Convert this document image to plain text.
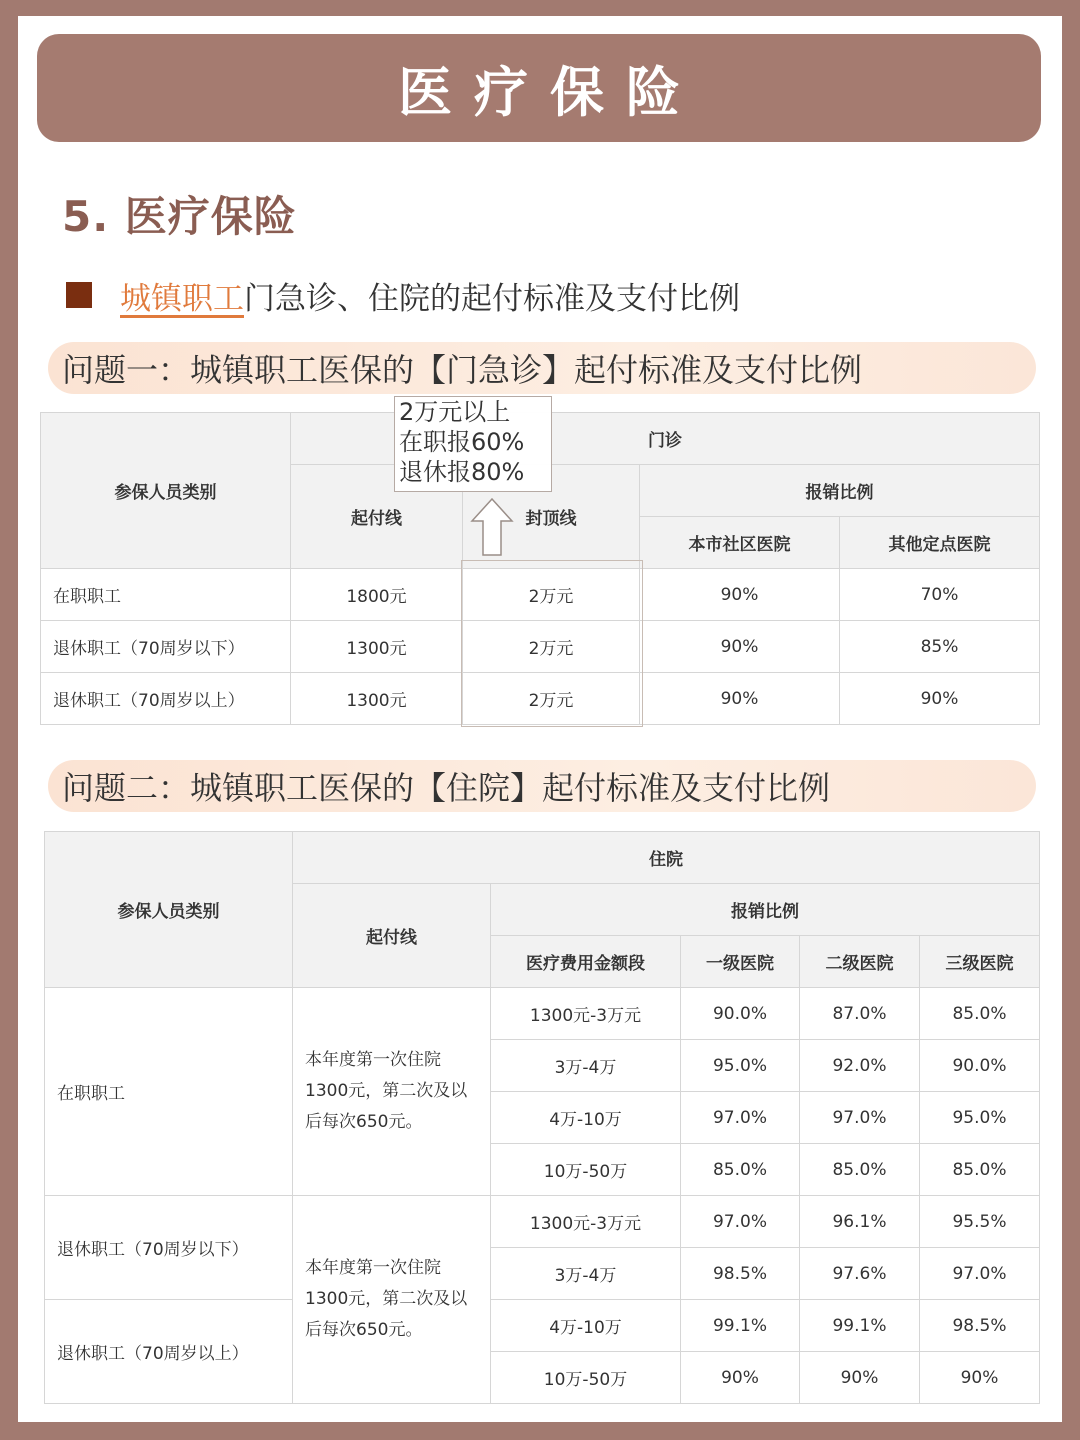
医疗保险
5. 医疗保险
城镇职工 门急诊、住院的起付标准及支付比例
问题一：城镇职工医保的【门急诊】起付标准及支付比例
参保人员类别	门诊			
	起付线	封顶线	报销比例	
			本市社区医院	其他定点医院
在职职工	1800元	2万元	90%	70%
退休职工（70周岁以下）	1300元	2万元	90%	85%
退休职工（70周岁以上）	1300元	2万元	90%	90%
2万元以上
在职报60%
退休报80%
问题二：城镇职工医保的【住院】起付标准及支付比例
参保人员类别	住院				
	起付线	报销比例			
		医疗费用金额段	一级医院	二级医院	三级医院
在职职工	本年度第一次住院1300元，第二次及以后每次650元。	1300元-3万元	90.0%	87.0%	85.0%
		3万-4万	95.0%	92.0%	90.0%
		4万-10万	97.0%	97.0%	95.0%
		10万-50万	85.0%	85.0%	85.0%
退休职工（70周岁以下）	本年度第一次住院1300元，第二次及以后每次650元。	1300元-3万元	97.0%	96.1%	95.5%
		3万-4万	98.5%	97.6%	97.0%
退休职工（70周岁以上）		4万-10万	99.1%	99.1%	98.5%
		10万-50万	90%	90%	90%
